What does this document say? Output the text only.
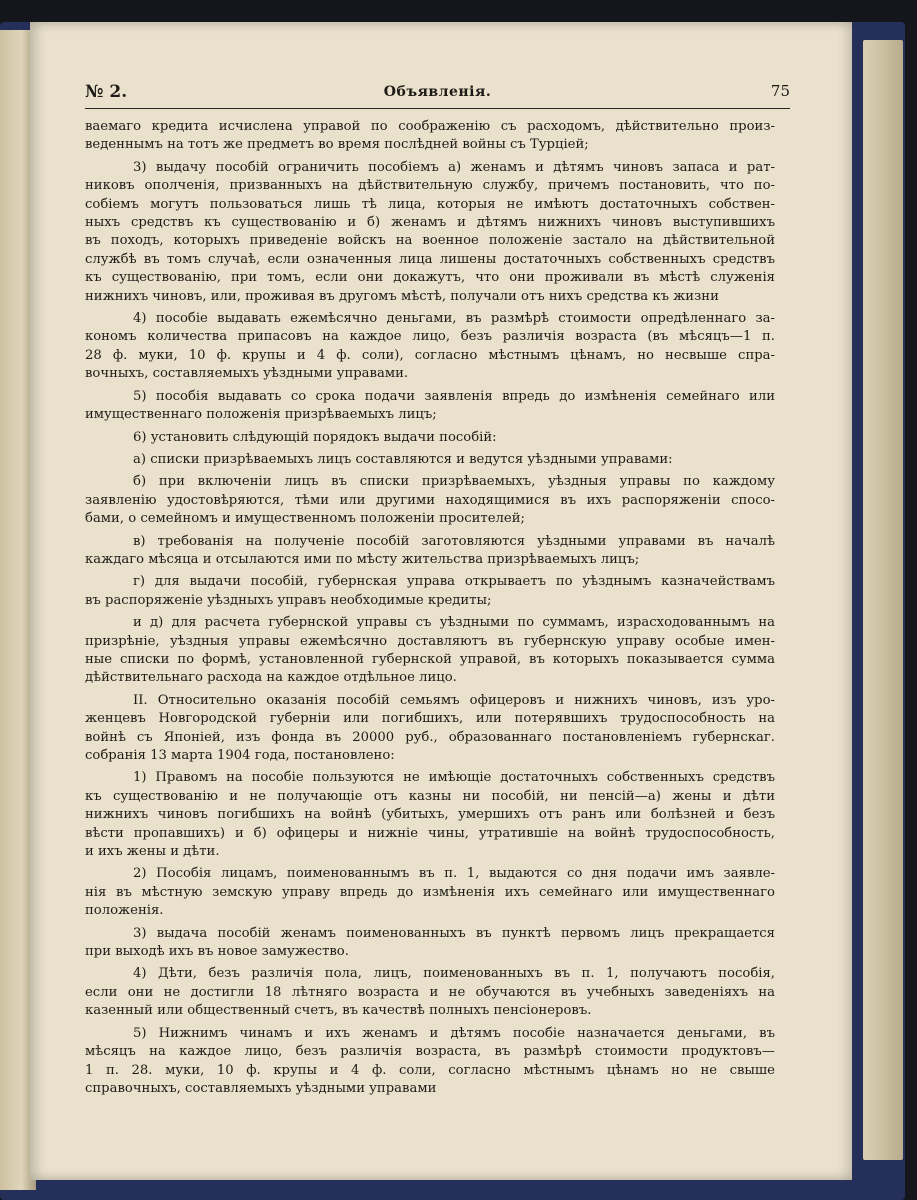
№ 2.	Объявленія.	75
ваемаго кредита исчислена управой по соображенію съ расходомъ, дѣйствительно произ-
веденнымъ на тотъ же предметъ во время послѣдней войны съ Турціей;
3) выдачу пособій ограничить пособіемъ а) женамъ и дѣтямъ чиновъ запаса и рат-
никовъ ополченія, призванныхъ на дѣйствительную службу, причемъ постановить, что по-
собіемъ могутъ пользоваться лишь тѣ лица, которыя не имѣютъ достаточныхъ собствен-
ныхъ средствъ къ существованію и б) женамъ и дѣтямъ нижнихъ чиновъ выступившихъ
въ походъ, которыхъ приведеніе войскъ на военное положеніе застало на дѣйствительной
службѣ въ томъ случаѣ, если означенныя лица лишены достаточныхъ собственныхъ средствъ
къ существованію, при томъ, если они докажутъ, что они проживали въ мѣстѣ служенія
нижнихъ чиновъ, или, проживая въ другомъ мѣстѣ, получали отъ нихъ средства къ жизни
4) пособіе выдавать ежемѣсячно деньгами, въ размѣрѣ стоимости опредѣленнаго за-
кономъ количества припасовъ на каждое лицо, безъ различія возраста (въ мѣсяцъ—1 п.
28 ф. муки, 10 ф. крупы и 4 ф. соли), согласно мѣстнымъ цѣнамъ, но несвыше спра-
вочныхъ, составляемыхъ уѣздными управами.
5) пособія выдавать со срока подачи заявленія впредь до измѣненія семейнаго или
имущественнаго положенія призрѣваемыхъ лицъ;
6) установить слѣдующій порядокъ выдачи пособій:
а) списки призрѣваемыхъ лицъ составляются и ведутся уѣздными управами:
б) при включеніи лицъ въ списки призрѣваемыхъ, уѣздныя управы по каждому
заявленію удостовѣряются, тѣми или другими находящимися въ ихъ распоряженіи спосо-
бами, о семейномъ и имущественномъ положеніи просителей;
в) требованія на полученіе пособій заготовляются уѣздными управами въ началѣ
каждаго мѣсяца и отсылаются ими по мѣсту жительства призрѣваемыхъ лицъ;
г) для выдачи пособій, губернская управа открываетъ по уѣзднымъ казначействамъ
въ распоряженіе уѣздныхъ управъ необходимые кредиты;
и д) для расчета губернской управы съ уѣздными по суммамъ, израсходованнымъ на
призрѣніе, уѣздныя управы ежемѣсячно доставляютъ въ губернскую управу особые имен-
ные списки по формѣ, установленной губернской управой, въ которыхъ показывается сумма
дѣйствительнаго расхода на каждое отдѣльное лицо.
II. Относительно оказанія пособій семьямъ офицеровъ и нижнихъ чиновъ, изъ уро-
женцевъ Новгородской губерніи или погибшихъ, или потерявшихъ трудоспособность на
войнѣ съ Японіей, изъ фонда въ 20000 руб., образованнаго постановленіемъ губернскаг.
собранія 13 марта 1904 года, постановлено:
1) Правомъ на пособіе пользуются не имѣющіе достаточныхъ собственныхъ средствъ
къ существованію и не получающіе отъ казны ни пособій, ни пенсій—а) жены и дѣти
нижнихъ чиновъ погибшихъ на войнѣ (убитыхъ, умершихъ отъ ранъ или болѣзней и безъ
вѣсти пропавшихъ) и б) офицеры и нижніе чины, утратившіе на войнѣ трудоспособность,
и ихъ жены и дѣти.
2) Пособія лицамъ, поименованнымъ въ п. 1, выдаются со дня подачи имъ заявле-
нія въ мѣстную земскую управу впредь до измѣненія ихъ семейнаго или имущественнаго
положенія.
3) выдача пособій женамъ поименованныхъ въ пунктѣ первомъ лицъ прекращается
при выходѣ ихъ въ новое замужество.
4) Дѣти, безъ различія пола, лицъ, поименованныхъ въ п. 1, получаютъ пособія,
если они не достигли 18 лѣтняго возраста и не обучаются въ учебныхъ заведеніяхъ на
казенный или общественный счетъ, въ качествѣ полныхъ пенсіонеровъ.
5) Нижнимъ чинамъ и ихъ женамъ и дѣтямъ пособіе назначается деньгами, въ
мѣсяцъ на каждое лицо, безъ различія возраста, въ размѣрѣ стоимости продуктовъ—
1 п. 28. муки, 10 ф. крупы и 4 ф. соли, согласно мѣстнымъ цѣнамъ но не свыше
справочныхъ, составляемыхъ уѣздными управами
